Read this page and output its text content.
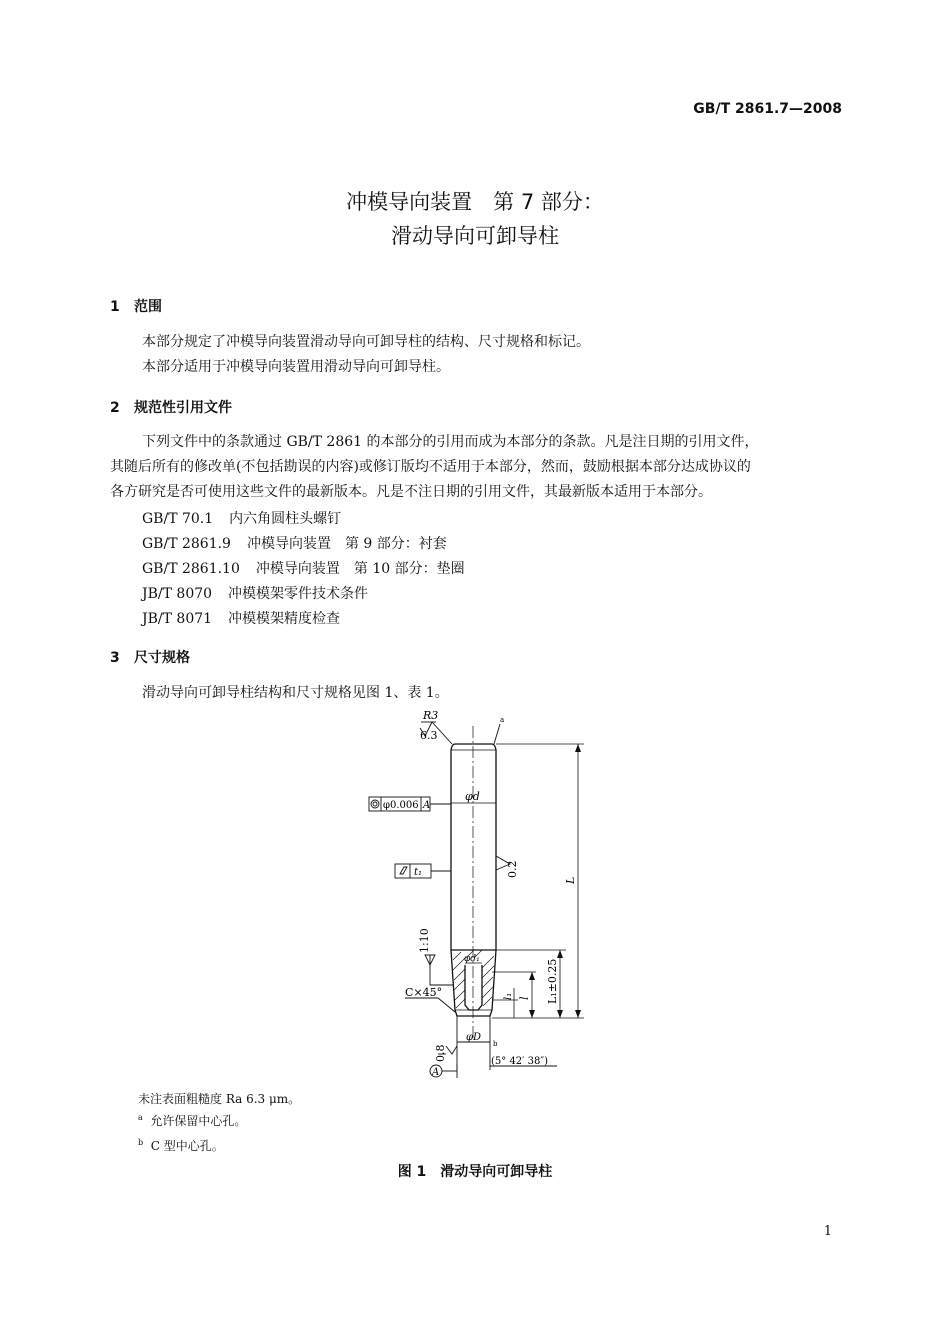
GB/T 2861.7—2008
冲模导向装置　第 7 部分：
滑动导向可卸导柱
1 范围
本部分规定了冲模导向装置滑动导向可卸导柱的结构、尺寸规格和标记。
本部分适用于冲模导向装置用滑动导向可卸导柱。
2 规范性引用文件
下列文件中的条款通过 GB/T 2861 的本部分的引用而成为本部分的条款。凡是注日期的引用文件，
其随后所有的修改单(不包括勘误的内容)或修订版均不适用于本部分，然而，鼓励根据本部分达成协议的
各方研究是否可使用这些文件的最新版本。凡是不注日期的引用文件，其最新版本适用于本部分。
GB/T 70.1 内六角圆柱头螺钉
GB/T 2861.9 冲模导向装置　第 9 部分：衬套
GB/T 2861.10 冲模导向装置　第 10 部分：垫圈
JB/T 8070 冲模模架零件技术条件
JB/T 8071 冲模模架精度检查
3 尺寸规格
滑动导向可卸导柱结构和尺寸规格见图 1、表 1。
R3
6.3
a
φ0.006 A
φd
t₁	0.2
1:10
φd₁
C×45°
φD
b
0.8
A
(5° 42′ 38″)
L
L₁±0.25
l
l₁
未注表面粗糙度 Ra 6.3 μm。
$^a$ 允许保留中心孔。
$^b$ C 型中心孔。
图 1　滑动导向可卸导柱
1
